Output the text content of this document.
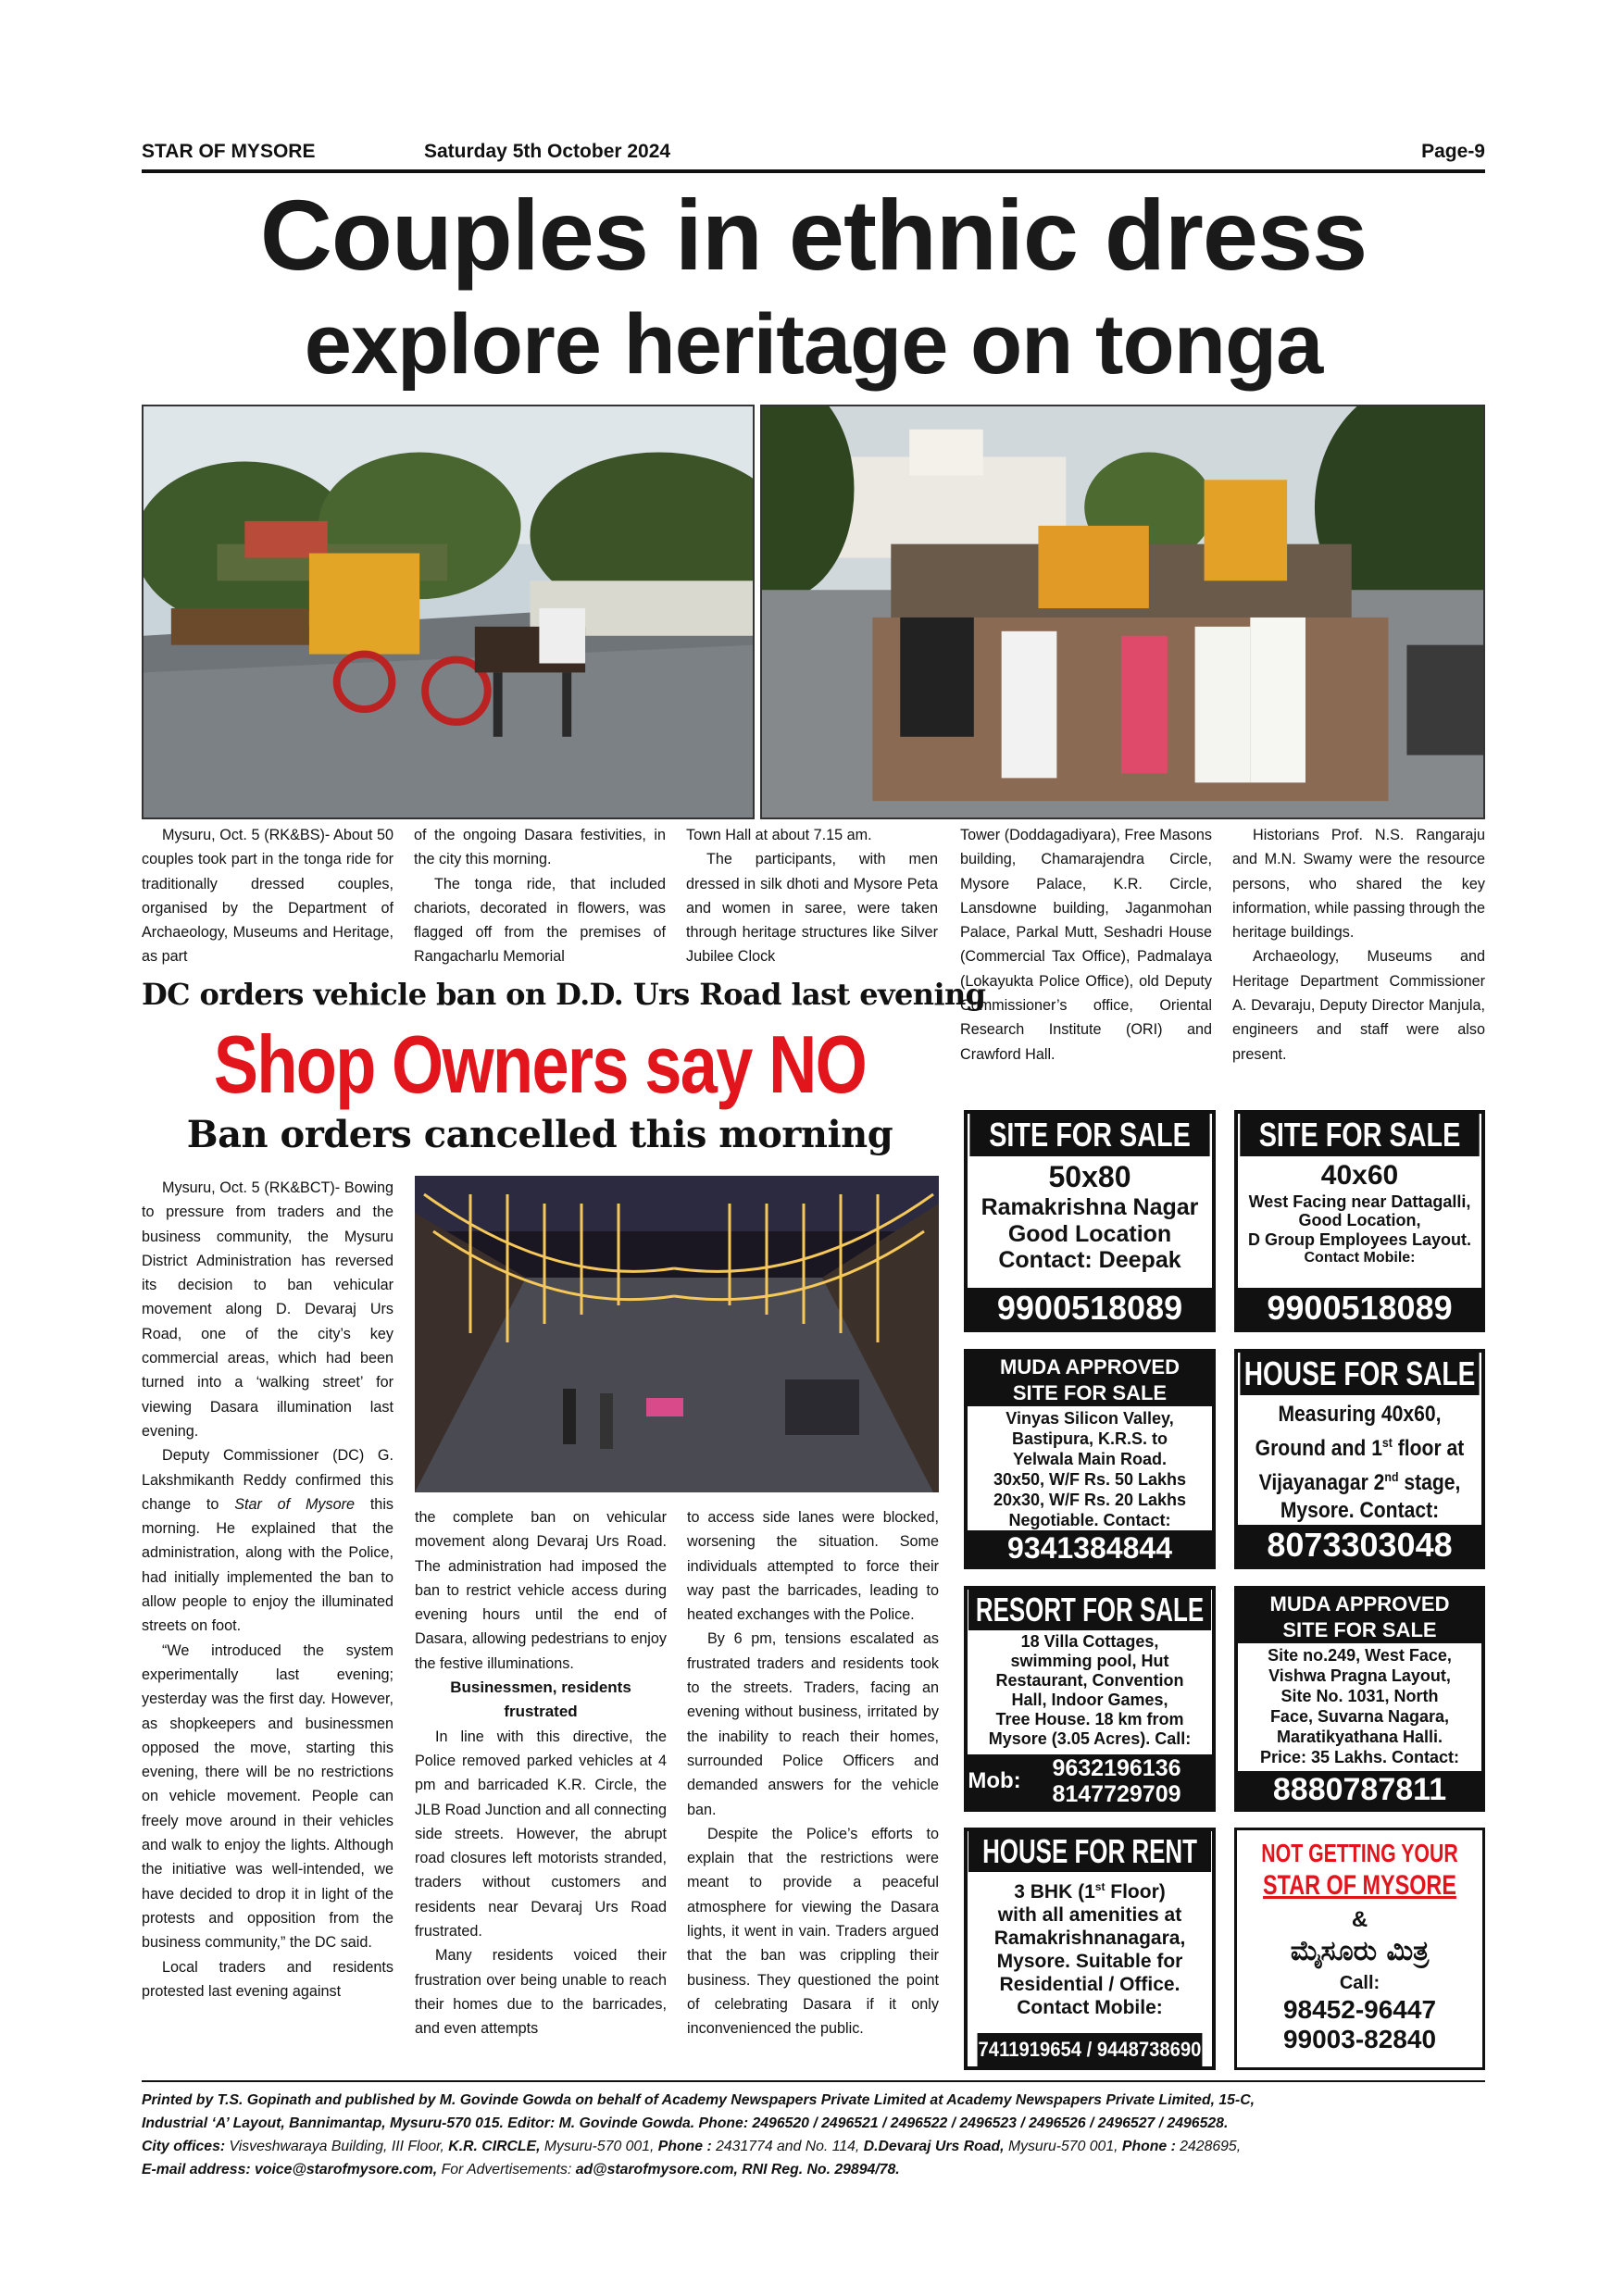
STAR OF MYSORE	Saturday 5th October 2024	Page-9
Couples in ethnic dress
explore heritage on tonga

Mysuru, Oct. 5 (RK&BS)- About 50 couples took part in the tonga ride for traditionally dressed couples, organised by the Department of Archaeology, Museums and Heritage, as part

of the ongoing Dasara festivities, in the city this morning.

The tonga ride, that included chariots, decorated in flowers, was flagged off from the premises of Rangacharlu Memorial

Town Hall at about 7.15 am.

The participants, with men dressed in silk dhoti and Mysore Peta and women in saree, were taken through heritage structures like Silver Jubilee Clock

Tower (Doddagadiyara), Free Masons building, Chamarajendra Circle, Mysore Palace, K.R. Circle, Lansdowne building, Jaganmohan Palace, Parkal Mutt, Seshadri House (Commercial Tax Office), Padmalaya (Lokayukta Police Office), old Deputy Commissioner’s office, Oriental Research Institute (ORI) and Crawford Hall.

Historians Prof. N.S. Rangaraju and M.N. Swamy were the resource persons, who shared the key information, while passing through the heritage buildings.

Archaeology, Museums and Heritage Department Commissioner A. Devaraju, Deputy Director Manjula, engineers and staff were also present.

DC orders vehicle ban on D.D. Urs Road last evening
Shop Owners say NO
Ban orders cancelled this morning

Mysuru, Oct. 5 (RK&BCT)- Bowing to pressure from traders and the business community, the Mysuru District Administration has reversed its decision to ban vehicular movement along D. Devaraj Urs Road, one of the city’s key commercial areas, which had been turned into a ‘walking street’ for viewing Dasara illumination last evening.

Deputy Commissioner (DC) G. Lakshmikanth Reddy confirmed this change to Star of Mysore this morning. He explained that the administration, along with the Police, had initially implemented the ban to allow people to enjoy the illuminated streets on foot.

“We introduced the system experimentally last evening; yesterday was the first day. However, as shopkeepers and businessmen opposed the move, starting this evening, there will be no restrictions on vehicle movement. People can freely move around in their vehicles and walk to enjoy the lights. Although the initiative was well-intended, we have decided to drop it in light of the protests and opposition from the business community,” the DC said.

Local traders and residents protested last evening against

the complete ban on vehicular movement along Devaraj Urs Road. The administration had imposed the ban to restrict vehicle access during evening hours until the end of Dasara, allowing pedestrians to enjoy the festive illuminations.

Businessmen, residents frustrated

In line with this directive, the Police removed parked vehicles at 4 pm and barricaded K.R. Circle, the JLB Road Junction and all connecting side streets. However, the abrupt road closures left motorists stranded, traders without customers and residents near Devaraj Urs Road frustrated.

Many residents voiced their frustration over being unable to reach their homes due to the barricades, and even attempts

to access side lanes were blocked, worsening the situation. Some individuals attempted to force their way past the barricades, leading to heated exchanges with the Police.

By 6 pm, tensions escalated as frustrated traders and residents took to the streets. Traders, facing an evening without business, irritated by the inability to reach their homes, surrounded Police Officers and demanded answers for the vehicle ban.

Despite the Police’s efforts to explain that the restrictions were meant to provide a peaceful atmosphere for viewing the Dasara lights, it went in vain. Traders argued that the ban was crippling their business. They questioned the point of celebrating Dasara if it only inconvenienced the public.

SITE FOR SALE
50x80
Ramakrishna Nagar
Good Location
Contact: Deepak
9900518089
SITE FOR SALE
40x60
West Facing near Dattagalli,
Good Location,
D Group Employees Layout.
Contact Mobile:
9900518089
MUDA APPROVED
SITE FOR SALE
Vinyas Silicon Valley,
Bastipura, K.R.S. to
Yelwala Main Road.
30x50, W/F Rs. 50 Lakhs
20x30, W/F Rs. 20 Lakhs
Negotiable. Contact:
9341384844
HOUSE FOR SALE
Measuring 40x60,
Ground and 1st floor at
Vijayanagar 2nd stage,
Mysore. Contact:
8073303048
RESORT FOR SALE
18 Villa Cottages,
swimming pool, Hut
Restaurant, Convention
Hall, Indoor Games,
Tree House. 18 km from
Mysore (3.05 Acres). Call:
Mob:	9632196136
8147729709
MUDA APPROVED
SITE FOR SALE
Site no.249, West Face,
Vishwa Pragna Layout,
Site No. 1031, North
Face, Suvarna Nagara,
Maratikyathana Halli.
Price: 35 Lakhs. Contact:
8880787811
HOUSE FOR RENT
3 BHK (1st Floor)
with all amenities at
Ramakrishnanagara,
Mysore. Suitable for
Residential / Office.
Contact Mobile:
7411919654 / 9448738690
NOT GETTING YOUR
STAR OF MYSORE
&
ಮೈಸೂರು ಮಿತ್ರ
Call:
98452-96447
99003-82840
Printed by T.S. Gopinath and published by M. Govinde Gowda on behalf of Academy Newspapers Private Limited at Academy Newspapers Private Limited, 15-C,
Industrial ‘A’ Layout, Bannimantap, Mysuru-570 015. Editor: M. Govinde Gowda. Phone: 2496520 / 2496521 / 2496522 / 2496523 / 2496526 / 2496527 / 2496528.
City offices: Visveshwaraya Building, III Floor, K.R. CIRCLE, Mysuru-570 001, Phone : 2431774 and No. 114, D.Devaraj Urs Road, Mysuru-570 001, Phone : 2428695,
E-mail address: voice@starofmysore.com, For Advertisements: ad@starofmysore.com, RNI Reg. No. 29894/78.
